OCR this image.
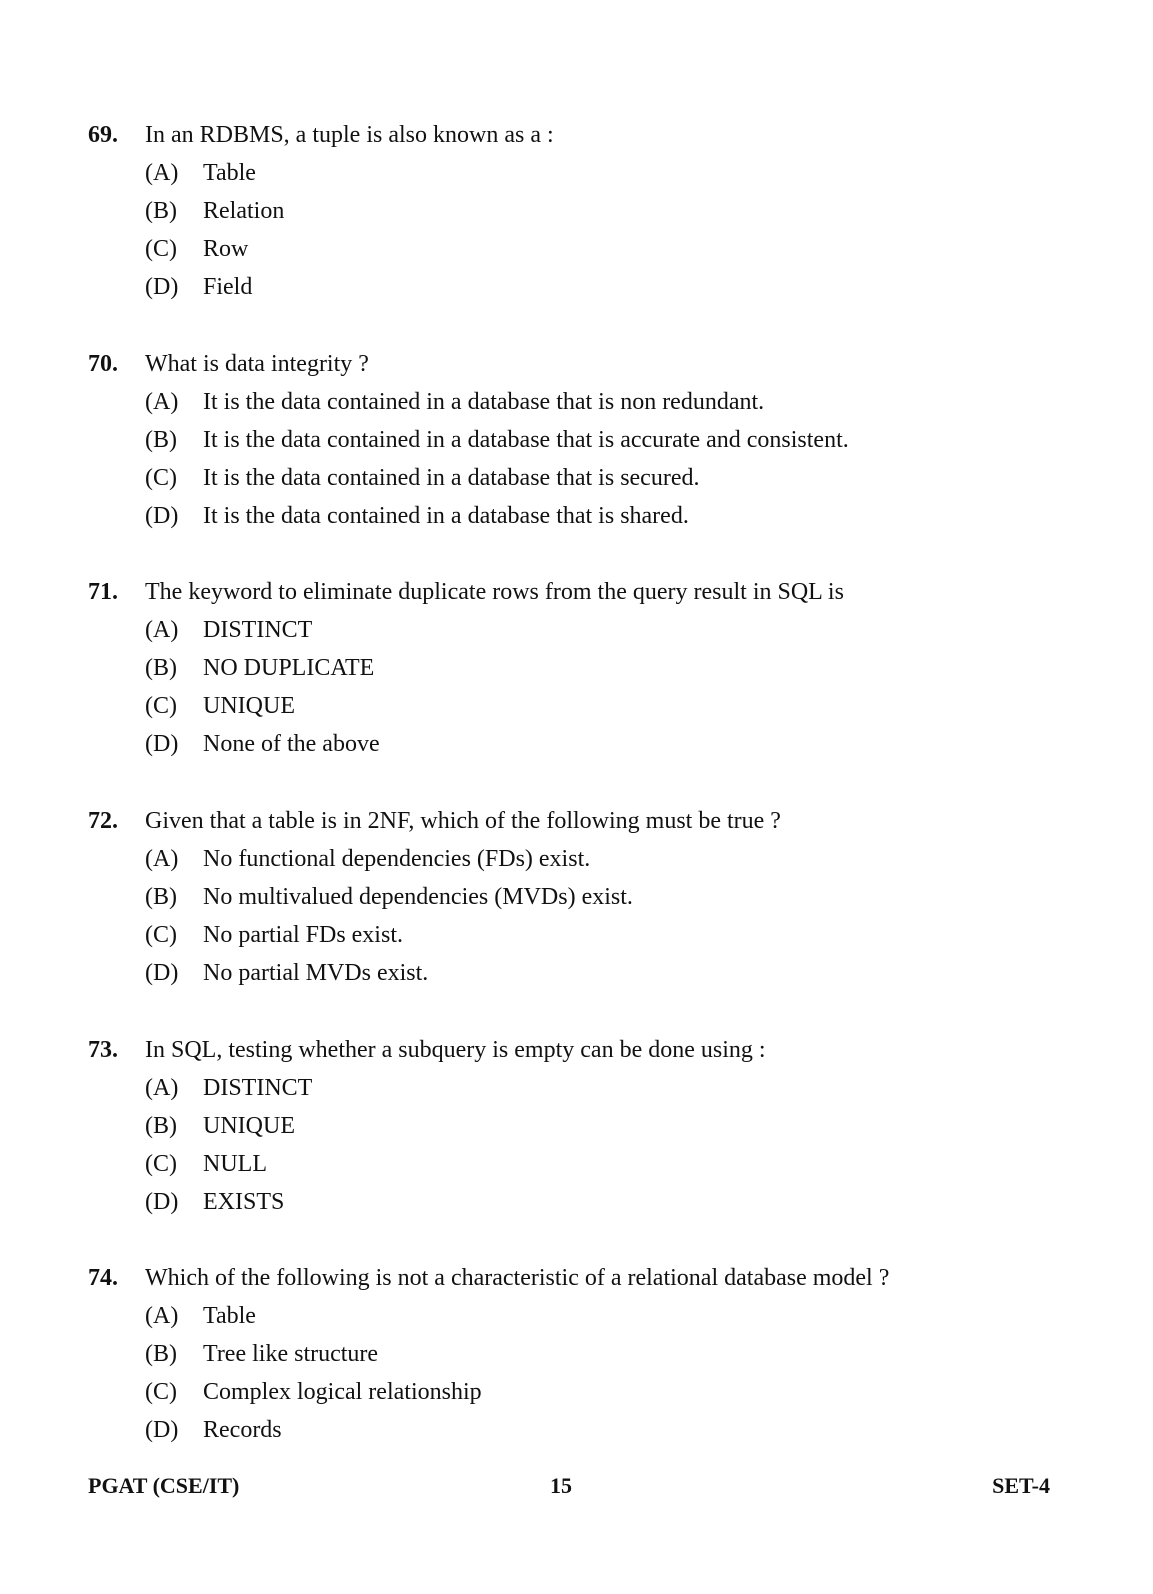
69. In an RDBMS, a tuple is also known as a :
(A) Table
(B) Relation
(C) Row
(D) Field
70. What is data integrity ?
(A) It is the data contained in a database that is non redundant.
(B) It is the data contained in a database that is accurate and consistent.
(C) It is the data contained in a database that is secured.
(D) It is the data contained in a database that is shared.
71. The keyword to eliminate duplicate rows from the query result in SQL is
(A) DISTINCT
(B) NO DUPLICATE
(C) UNIQUE
(D) None of the above
72. Given that a table is in 2NF, which of the following must be true ?
(A) No functional dependencies (FDs) exist.
(B) No multivalued dependencies (MVDs) exist.
(C) No partial FDs exist.
(D) No partial MVDs exist.
73. In SQL, testing whether a subquery is empty can be done using :
(A) DISTINCT
(B) UNIQUE
(C) NULL
(D) EXISTS
74. Which of the following is not a characteristic of a relational database model ?
(A) Table
(B) Tree like structure
(C) Complex logical relationship
(D) Records
PGAT (CSE/IT)	15	SET-4
